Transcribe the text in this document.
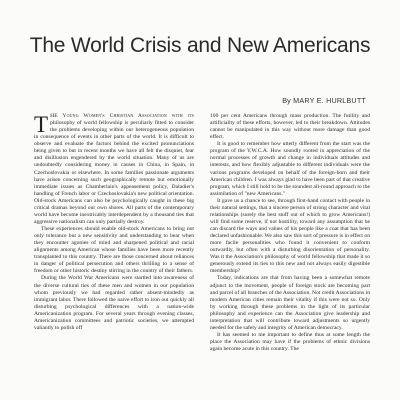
The World Crisis and New Americans
By MARY E. HURLBUTT

THE Young Women's Christian Association with its philosophy of world fellowship is peculiarly fitted to consider the problems developing within our heterogeneous population in consequence of events in other parts of the world. It is difficult to observe and evaluate the factors behind the excited pronunciations being given to but in recent months we have all felt the disquiet, fear and disillusion engendered by the world situation. Many of us are undoubtedly considering money in causes in China, in Spain, in Czechoslovakia or elsewhere. In some families passionate arguments have arisen concerning such geographically remote but emotionally immediate issues as Chamberlain's appeasement policy, Daladier's handling of French labor or Czechoslovakia's new political orientation. Old-stock Americans can also be psychologically caught in these big critical dramas beyond our own shores. All parts of the contemporary world have become inextricably interdependent by a thousand ties that aggressive nationalism can only partially destroy.

These experiences should enable old-stock Americans to bring not only tolerance but a new sensitivity and understanding to bear when they encounter agonies of mind and sharpened political and racial alignments among American whose families have been more recently transplanted to this country. There are those concerned about reliances in danger of political persecution and others thrilling to a sense of freedom or other historic destiny stirring in the country of their fathers.

During the World War Americans were startled into awareness of the diverse cultural ties of these men and women in our population whom previously we had regarded rather absent-mindedly as immigrant labor. There followed the naive effort to iron out quickly all disturbing psychological differences with a nation-wide Americanization program. For several years through evening classes, Americanization committees and patriotic societies, we attempted valiantly to polish off

100 per cent Americans through mass production. The futility and artificiality of these efforts, however, led to their breakdown. Attitudes cannot be manipulated in this way without more damage than good effect.

It is good to remember how utterly different from the start was the program of the Y.W.C.A. How soundly rooted in appreciation of the normal processes of growth and change in individuals attitudes and interests, and how flexibly adjustable to different individuals were the various programs developed on behalf of the foreign-born and their American children. I was always glad to have been part of that creative program, which I still hold to be the soundest all-round approach to the assimilation of "new Americans."

It gave us a chance to see, through first-hand contact with people in their natural settings, that a sincere person of strong character and vital relationships (surely the best stuff out of which to grow Americans!) will find some reserve, if not hostility, toward any assumption that he can discard the ways and values of his people like a coat that has been declared unfashionable. We also saw this sort of pressure is in effect on more facile personalities who found it convenient to conform outwardly, but often with a disturbing disorientation of personality. Was it the Association's philosophy of world fellowship that made it so generously extend its ties to this new and not always easily digestible membership?

Today, indications are that from having been a somewhat remote adjunct to the movement, people of foreign stock are becoming part and parcel of all branches of the Association. Not credit Associations in modern American cities remain their vitality if this were not so. Only by working through these problems in the light of its particular philosophy and experience can the Association give leadership and interpretation that will contribute toward adjustments so urgently needed for the safety and integrity of American democracy.

It has seemed to me important to define thus at some length the place the Association may have if the problems of ethnic divisions again become acute in this country. The
